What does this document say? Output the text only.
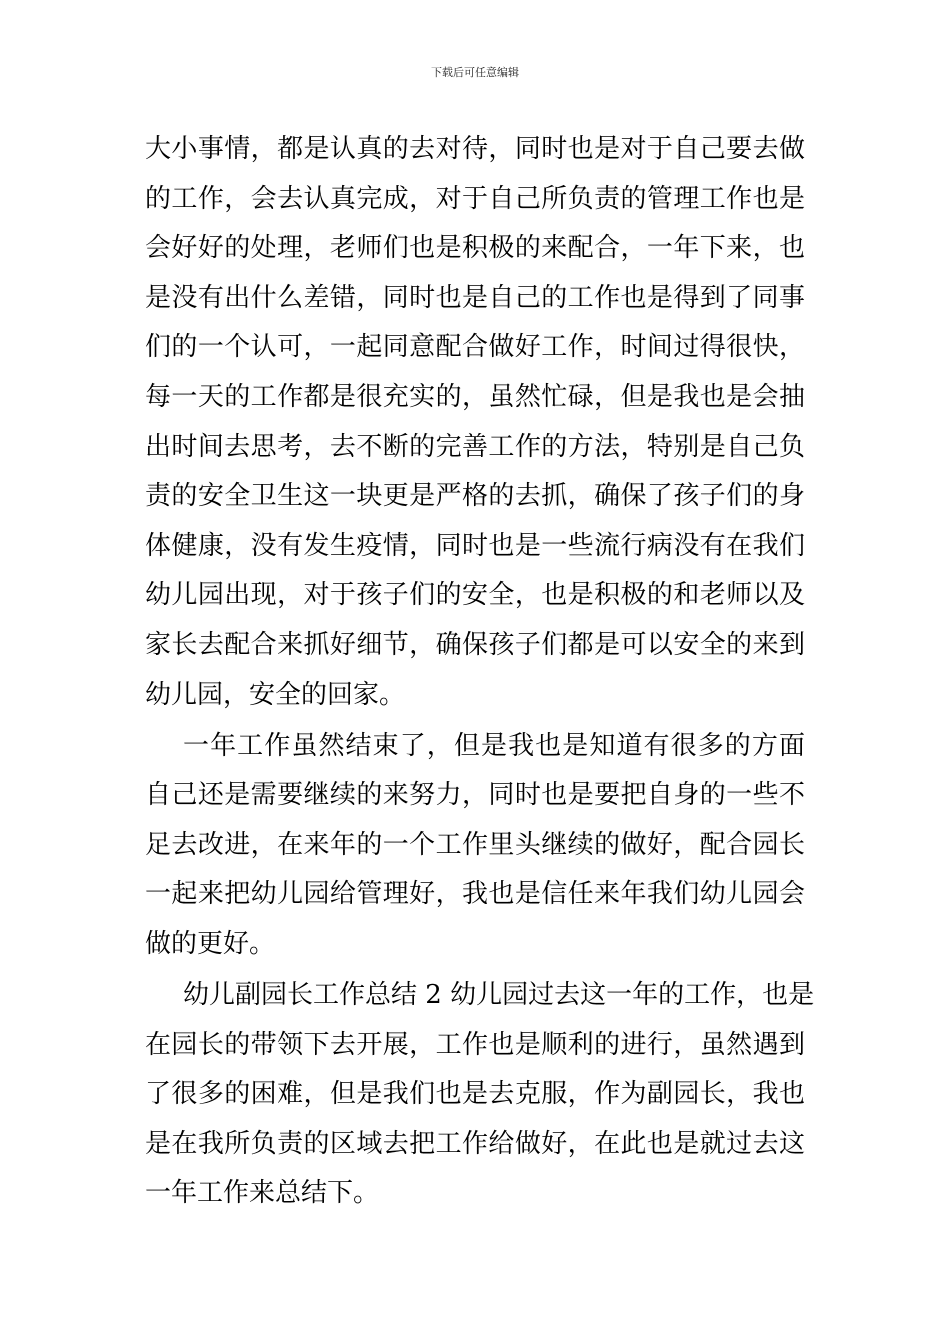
下载后可任意编辑
大小事情，都是认真的去对待，同时也是对于自己要去做
的工作，会去认真完成，对于自己所负责的管理工作也是
会好好的处理，老师们也是积极的来配合，一年下来，也
是没有出什么差错，同时也是自己的工作也是得到了同事
们的一个认可，一起同意配合做好工作，时间过得很快，
每一天的工作都是很充实的，虽然忙碌，但是我也是会抽
出时间去思考，去不断的完善工作的方法，特别是自己负
责的安全卫生这一块更是严格的去抓，确保了孩子们的身
体健康，没有发生疫情，同时也是一些流行病没有在我们
幼儿园出现，对于孩子们的安全，也是积极的和老师以及
家长去配合来抓好细节，确保孩子们都是可以安全的来到
幼儿园，安全的回家。
一年工作虽然结束了，但是我也是知道有很多的方面
自己还是需要继续的来努力，同时也是要把自身的一些不
足去改进，在来年的一个工作里头继续的做好，配合园长
一起来把幼儿园给管理好，我也是信任来年我们幼儿园会
做的更好。
幼儿副园长工作总结 2 幼儿园过去这一年的工作，也是
在园长的带领下去开展，工作也是顺利的进行，虽然遇到
了很多的困难，但是我们也是去克服，作为副园长，我也
是在我所负责的区域去把工作给做好，在此也是就过去这
一年工作来总结下。
